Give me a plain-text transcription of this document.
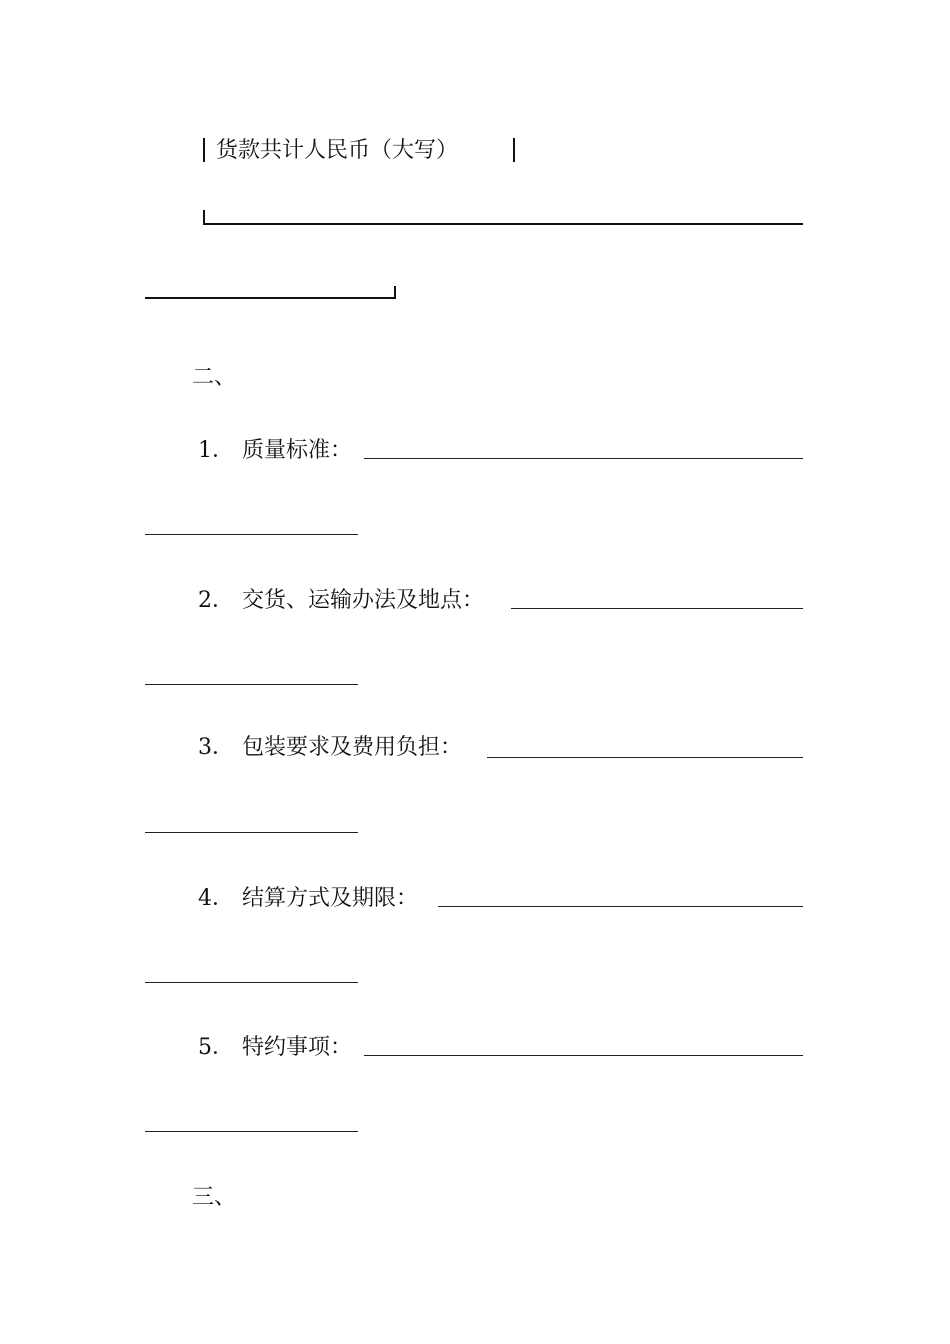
货款共计人民币（大写）
二、
1． 质量标准：
2． 交货、运输办法及地点：
3． 包装要求及费用负担：
4． 结算方式及期限：
5． 特约事项：
三、
